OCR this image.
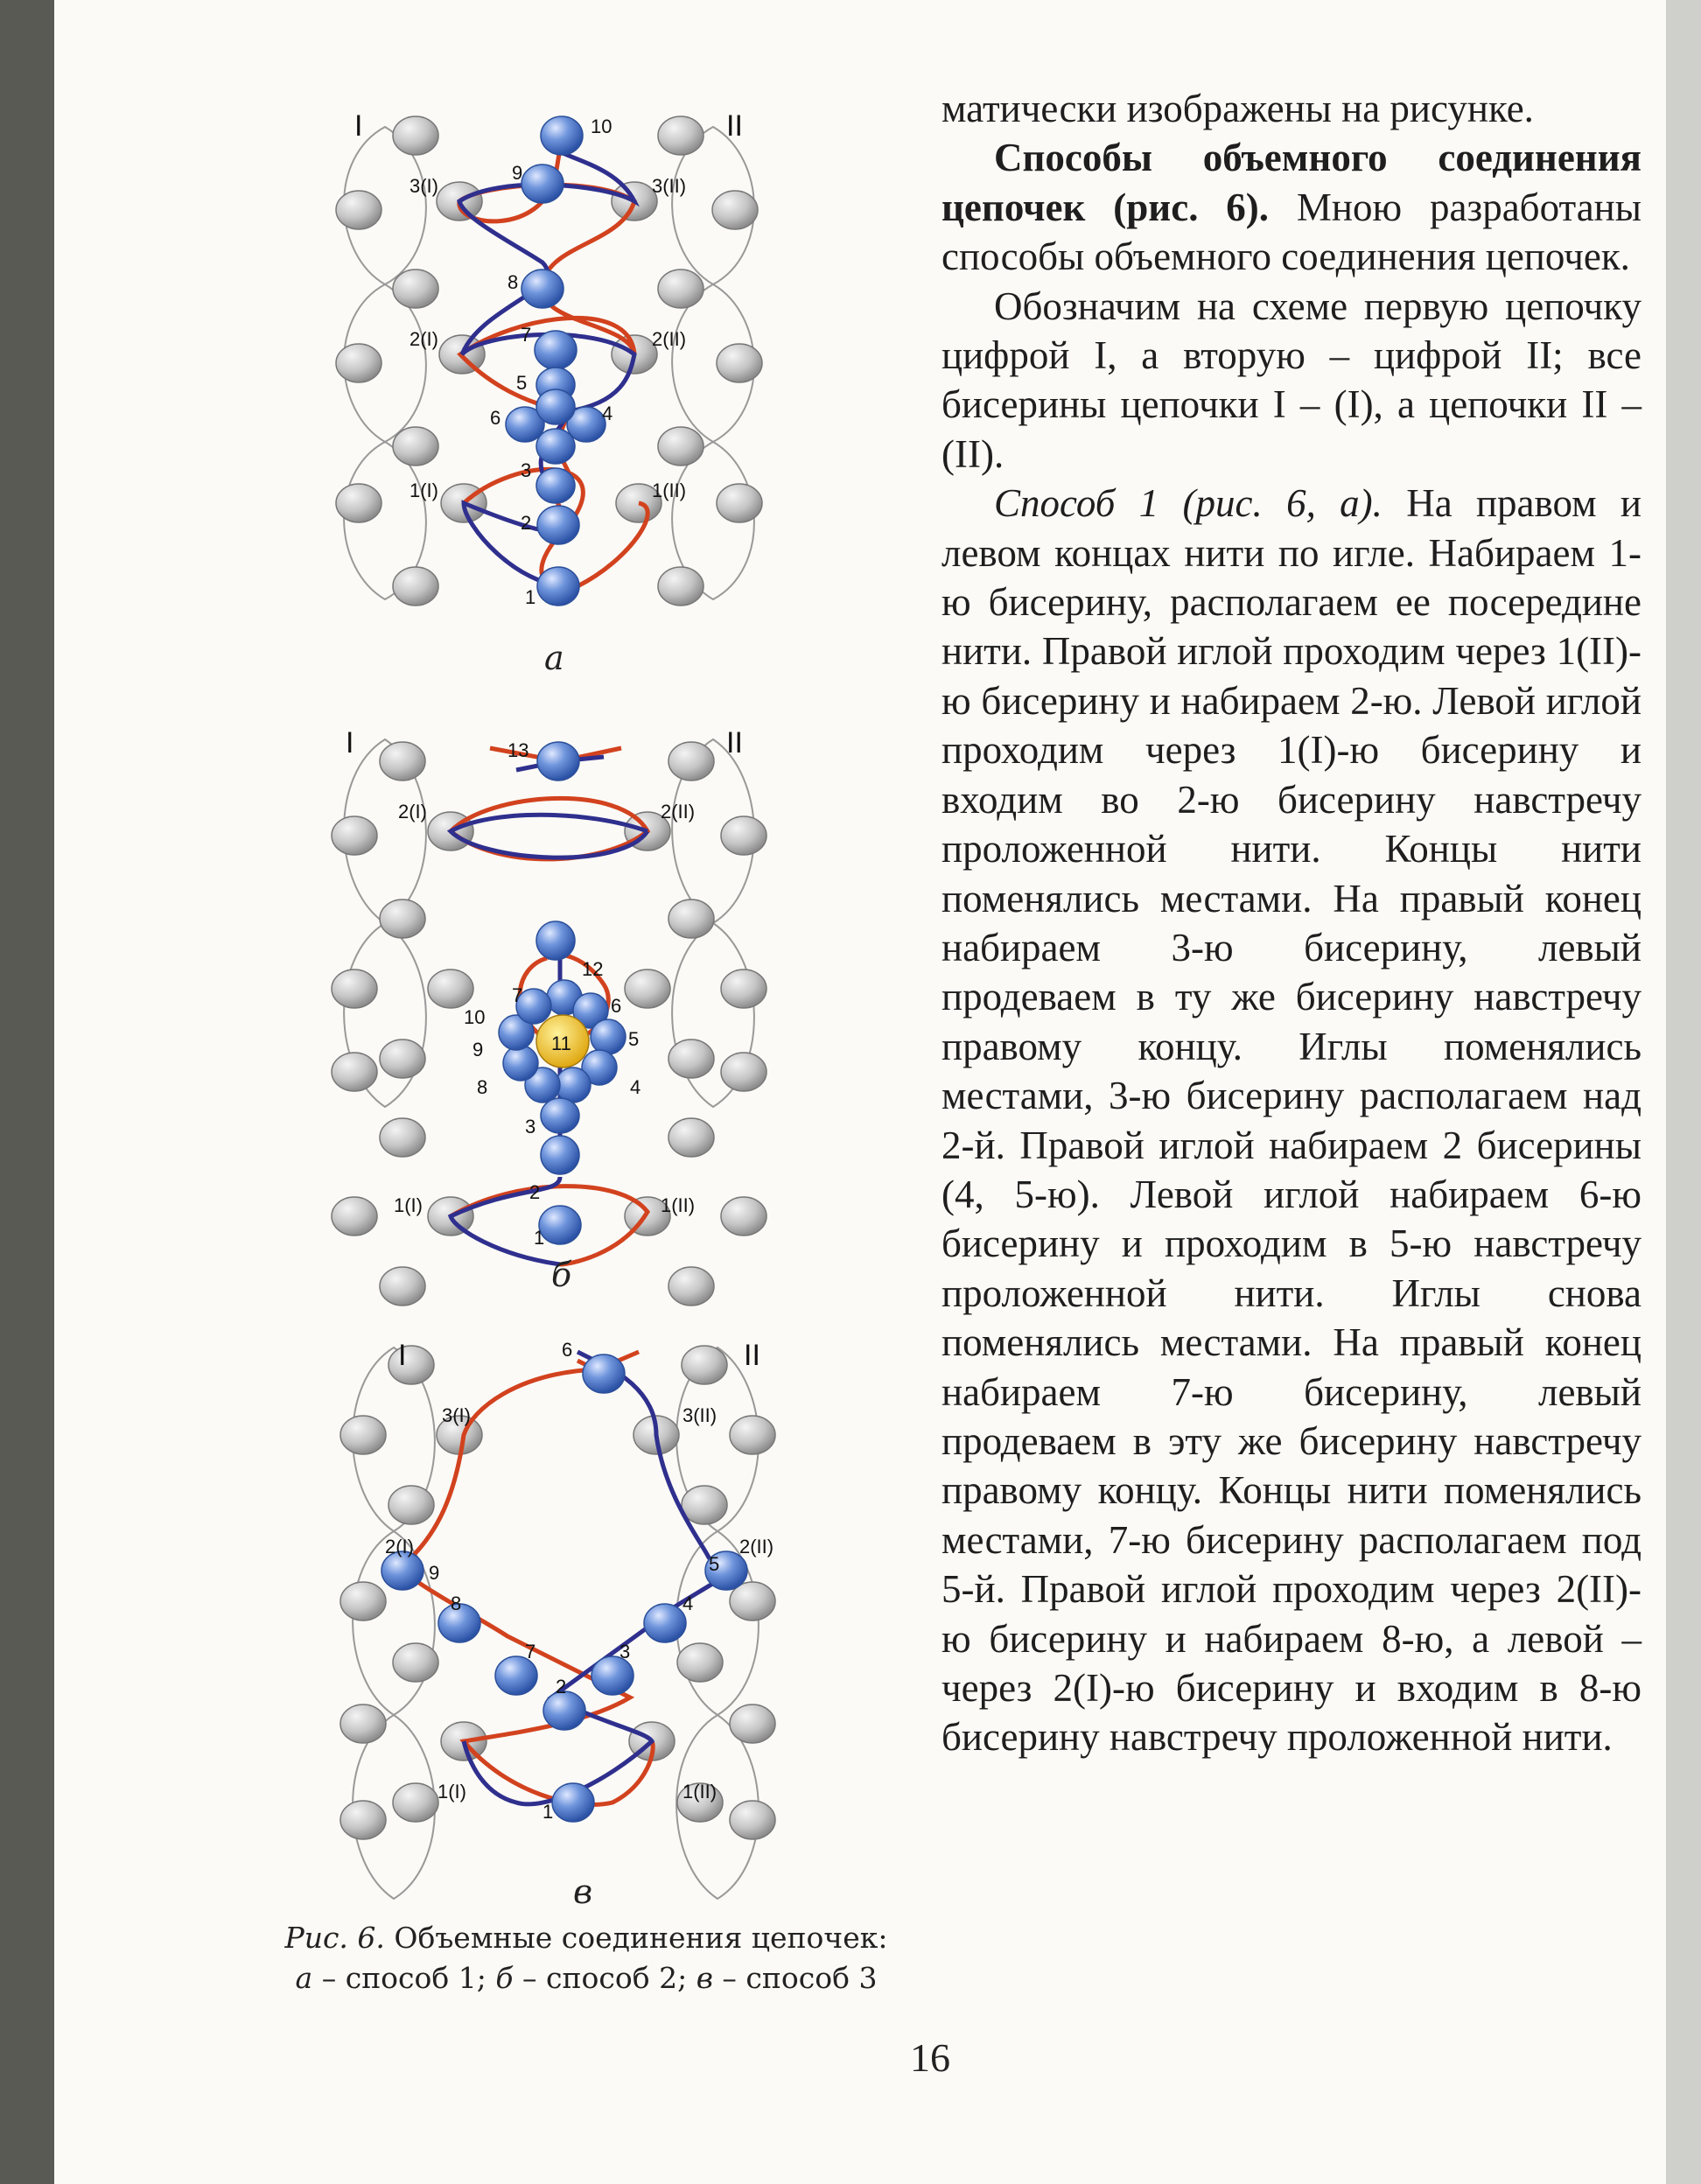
I	II
3(I)
2(I)
1(I)
3(II)
2(II)
1(II)
10
9
8
7
5
6	4
3
2
1
I	II
2(I)
1(I)
2(II)
1(II)
13
12
10
7	6
9	5
11
8	4
3
2
1
I	II
3(I)
2(I)
1(I)
3(II)
2(II)
1(II)
6
9	5
8	4
7	3
2
1
а
б
в
Рис. 6. Объемные соединения цепочек:
а – способ 1; б – способ 2; в – способ 3

матически изображены на рисунке.

Способы объемного соединения цепочек (рис. 6). Мною разработаны способы объемного соединения цепочек.

Обозначим на схеме первую цепочку цифрой I, а вторую – цифрой II; все бисерины цепочки I – (I), а цепочки II – (II).

Способ 1 (рис. 6, а). На правом и левом концах нити по игле. Набираем 1-ю бисерину, располагаем ее посередине нити. Правой иглой проходим через 1(II)-ю бисерину и набираем 2-ю. Левой иглой проходим через 1(I)-ю бисерину и входим во 2-ю бисерину навстречу проложенной нити. Концы нити поменялись местами. На правый конец набираем 3-ю бисерину, левый продеваем в ту же бисерину навстречу правому концу. Иглы поменялись местами, 3-ю бисерину располагаем над 2-й. Правой иглой набираем 2 бисерины (4, 5-ю). Левой иглой набираем 6-ю бисерину и проходим в 5-ю навстречу проложенной нити. Иглы снова поменялись местами. На правый конец набираем 7-ю бисерину, левый продеваем в эту же бисерину навстречу правому концу. Концы нити поменялись местами, 7-ю бисерину располагаем под 5-й. Правой иглой проходим через 2(II)-ю бисерину и набираем 8-ю, а левой – через 2(I)-ю бисерину и входим в 8-ю бисерину навстречу проложенной нити.

16
